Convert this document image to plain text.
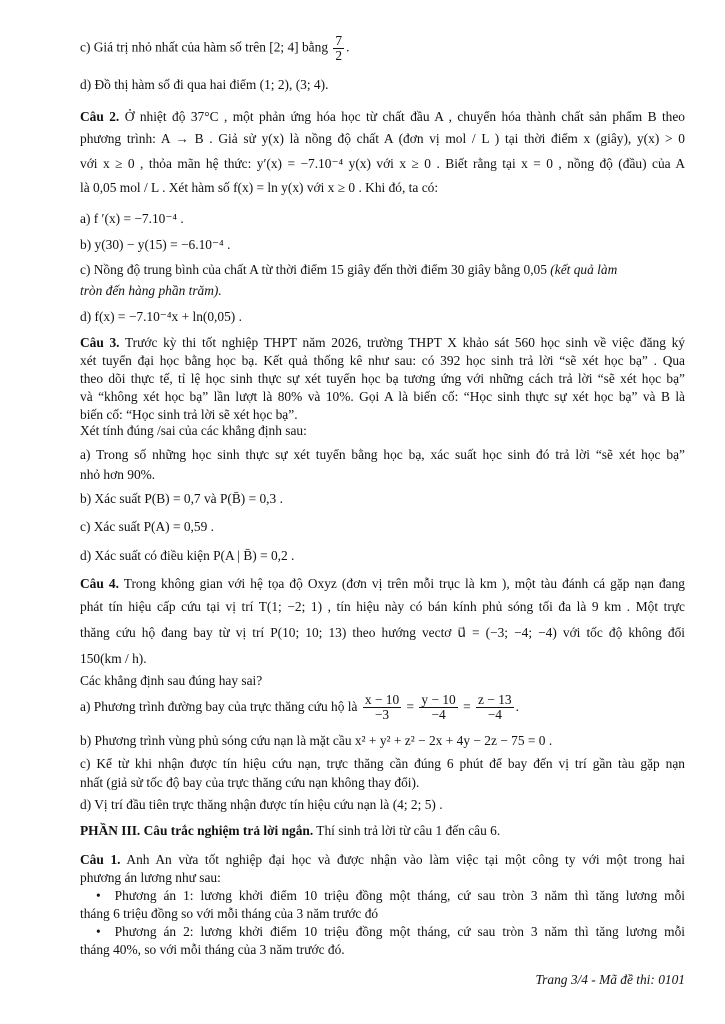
c) Giá trị nhỏ nhất của hàm số trên [2; 4] bằng $\frac{7}{2}$ .
d) Đồ thị hàm số đi qua hai điểm (1; 2), (3; 4).
Câu 2. Ở nhiệt độ 37°C , một phản ứng hóa học từ chất đầu A , chuyển hóa thành chất sản phẩm B theo
phương trình: A → B . Giả sử y(x) là nồng độ chất A (đơn vị mol / L ) tại thời điểm x (giây), y(x) > 0
với x ≥ 0 , thỏa mãn hệ thức: y′(x) = −7.10⁻⁴ y(x) với x ≥ 0 . Biết rằng tại x = 0 , nồng độ (đầu) của A
là 0,05 mol / L . Xét hàm số f(x) = ln y(x) với x ≥ 0 . Khi đó, ta có:
a) f ′(x) = −7.10⁻⁴ .
b) y(30) − y(15) = −6.10⁻⁴ .
c) Nồng độ trung bình của chất A từ thời điểm 15 giây đến thời điểm 30 giây bằng 0,05 (kết quả làm
tròn đến hàng phần trăm).
d) f(x) = −7.10⁻⁴x + ln(0,05) .
Câu 3. Trước kỳ thi tốt nghiệp THPT năm 2026, trường THPT X khảo sát 560 học sinh về việc đăng ký
xét tuyển đại học bằng học bạ. Kết quả thống kê như sau: có 392 học sinh trả lời “sẽ xét học bạ” . Qua
theo dõi thực tế, tỉ lệ học sinh thực sự xét tuyển học bạ tương ứng với những cách trả lời “sẽ xét học bạ”
và “không xét học bạ” lần lượt là 80% và 10%. Gọi A là biến cố: “Học sinh thực sự xét học bạ” và B là
biến cố: “Học sinh trả lời sẽ xét học bạ”.
Xét tính đúng /sai của các khẳng định sau:
a) Trong số những học sinh thực sự xét tuyển bằng học bạ, xác suất học sinh đó trả lời “sẽ xét học bạ”
nhỏ hơn 90%.
b) Xác suất P(B) = 0,7 và P(B̄) = 0,3 .
c) Xác suất P(A) = 0,59 .
d) Xác suất có điều kiện P(A | B̄) = 0,2 .
Câu 4. Trong không gian với hệ tọa độ Oxyz (đơn vị trên mỗi trục là km ), một tàu đánh cá gặp nạn đang
phát tín hiệu cấp cứu tại vị trí T(1; −2; 1) , tín hiệu này có bán kính phủ sóng tối đa là 9 km . Một trực
thăng cứu hộ đang bay từ vị trí P(10; 10; 13) theo hướng vectơ u⃗ = (−3; −4; −4) với tốc độ không đổi
150(km / h).
Các khẳng định sau đúng hay sai?
a) Phương trình đường bay của trực thăng cứu hộ là $\frac{x - 10}{-3} = \frac{y - 10}{-4} = \frac{z - 13}{-4}$ .
b) Phương trình vùng phủ sóng cứu nạn là mặt cầu x² + y² + z² − 2x + 4y − 2z − 75 = 0 .
c) Kể từ khi nhận được tín hiệu cứu nạn, trực thăng cần đúng 6 phút để bay đến vị trí gần tàu gặp nạn
nhất (giả sử tốc độ bay của trực thăng cứu nạn không thay đổi).
d) Vị trí đầu tiên trực thăng nhận được tín hiệu cứu nạn là (4; 2; 5) .
PHẦN III. Câu trắc nghiệm trả lời ngắn. Thí sinh trả lời từ câu 1 đến câu 6.
Câu 1. Anh An vừa tốt nghiệp đại học và được nhận vào làm việc tại một công ty với một trong hai
phương án lương như sau:
•  Phương án 1: lương khởi điểm 10 triệu đồng một tháng, cứ sau tròn 3 năm thì tăng lương mỗi
tháng 6 triệu đồng so với mỗi tháng của 3 năm trước đó
•  Phương án 2: lương khởi điểm 10 triệu đồng một tháng, cứ sau tròn 3 năm thì tăng lương mỗi
tháng 40%, so với mỗi tháng của 3 năm trước đó.
Trang 3/4 - Mã đề thi: 0101
